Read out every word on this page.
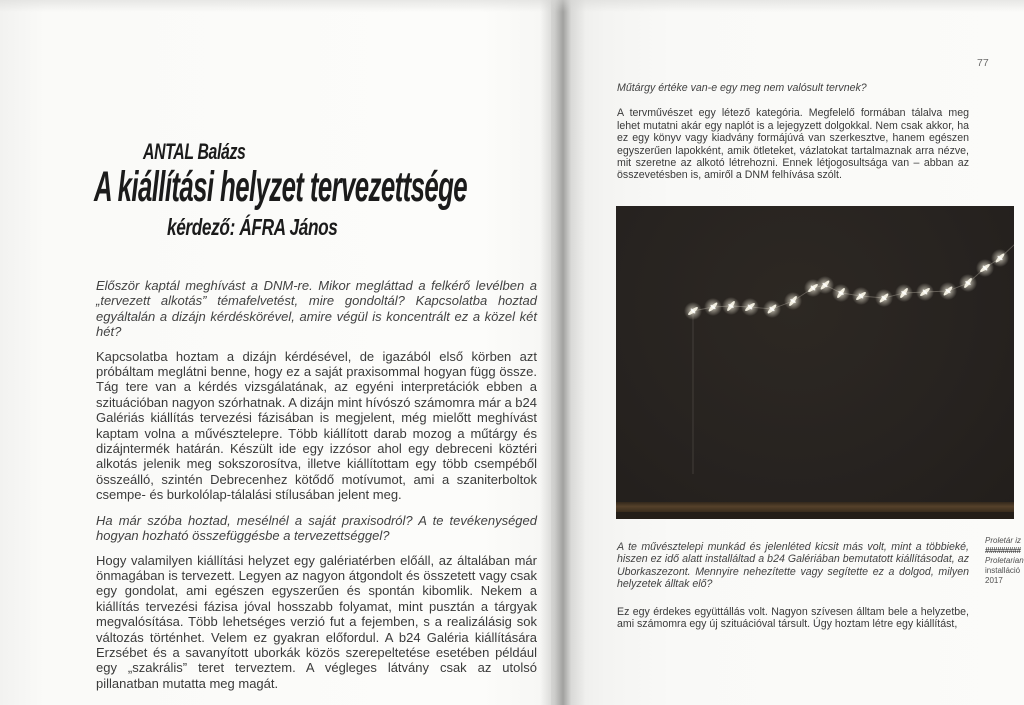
ANTAL Balázs
A kiállítási helyzet tervezettsége
kérdező: ÁFRA János

Először kaptál meghívást a DNM-re. Mikor megláttad a felkérő levélben a „tervezett alkotás” témafelvetést, mire gondoltál? Kapcsolatba hoztad egyáltalán a dizájn kérdéskörével, amire végül is koncentrált ez a közel két hét?

Kapcsolatba hoztam a dizájn kérdésével, de igazából első körben azt próbáltam meglátni benne, hogy ez a saját praxisommal hogyan függ össze. Tág tere van a kérdés vizsgálatának, az egyéni interpretációk ebben a szituációban nagyon szórhatnak. A dizájn mint hívószó számomra már a b24 Galériás kiállítás tervezési fázisában is megjelent, még mielőtt meghívást kaptam volna a művésztelepre. Több kiállított darab mozog a műtárgy és dizájntermék határán. Készült ide egy izzósor ahol egy debreceni köztéri alkotás jelenik meg sokszorosítva, illetve kiállítottam egy több csempéből összeálló, szintén Debrecenhez kötődő motívumot, ami a szaniterboltok csempe- és burkolólap-tálalási stílusában jelent meg.

Ha már szóba hoztad, mesélnél a saját praxisodról? A te tevékenységed hogyan hozható összefüggésbe a tervezettséggel?

Hogy valamilyen kiállítási helyzet egy galériatérben előáll, az általában már önmagában is tervezett. Legyen az nagyon átgondolt és összetett vagy csak egy gondolat, ami egészen egyszerűen és spontán kibomlik. Nekem a kiállítás tervezési fázisa jóval hosszabb folyamat, mint pusztán a tárgyak megvalósítása. Több lehetséges verzió fut a fejemben, s a realizálásig sok változás történhet. Velem ez gyakran előfordul. A b24 Galéria kiállítására Erzsébet és a savanyított uborkák közös szerepeltetése esetében például egy „szakrális” teret terveztem. A végleges látvány csak az utolsó pillanatban mutatta meg magát.

77

Műtárgy értéke van-e egy meg nem valósult tervnek?

A tervművészet egy létező kategória. Megfelelő formában tálalva meg lehet mutatni akár egy naplót is a lejegyzett dolgokkal. Nem csak akkor, ha ez egy könyv vagy kiadvány formájúvá van szerkesztve, hanem egészen egyszerűen lapokként, amik ötleteket, vázlatokat tartalmaznak arra nézve, mit szeretne az alkotó létrehozni. Ennek létjogosultsága van – abban az összevetésben is, amiről a DNM felhívása szólt.

Proletár iz
#########
Proletarian
installáció
2017

A te művésztelepi munkád és jelenléted kicsit más volt, mint a többieké, hiszen ez idő alatt installáltad a b24 Galériában bemutatott kiállításodat, az Uborkaszezont. Mennyire nehezítette vagy segítette ez a dolgod, milyen helyzetek álltak elő?

Ez egy érdekes együttállás volt. Nagyon szívesen álltam bele a helyzetbe, ami számomra egy új szituációval társult. Úgy hoztam létre egy kiállítást,
